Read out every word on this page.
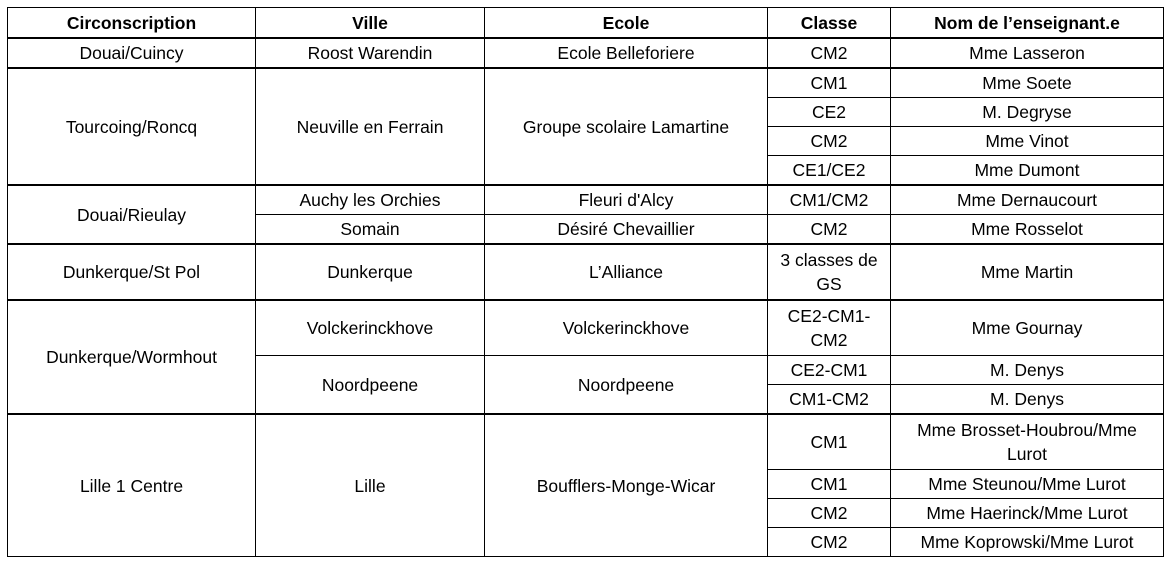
Circonscription	Ville	Ecole	Classe	Nom de l’enseignant.e
Douai/Cuincy	Roost Warendin	Ecole Belleforiere	CM2	Mme Lasseron
Tourcoing/Roncq	Neuville en Ferrain	Groupe scolaire Lamartine	CM1	Mme Soete
			CE2	M. Degryse
			CM2	Mme Vinot
			CE1/CE2	Mme Dumont
Douai/Rieulay	Auchy les Orchies	Fleuri d'Alcy	CM1/CM2	Mme Dernaucourt
	Somain	Désiré Chevaillier	CM2	Mme Rosselot
Dunkerque/St Pol	Dunkerque	L’Alliance	3 classes de GS	Mme Martin
Dunkerque/Wormhout	Volckerinckhove	Volckerinckhove	CE2-CM1-CM2	Mme Gournay
	Noordpeene	Noordpeene	CE2-CM1	M. Denys
			CM1-CM2	M. Denys
Lille 1 Centre	Lille	Boufflers-Monge-Wicar	CM1	Mme Brosset-Houbrou/Mme Lurot
			CM1	Mme Steunou/Mme Lurot
			CM2	Mme Haerinck/Mme Lurot
			CM2	Mme Koprowski/Mme Lurot
